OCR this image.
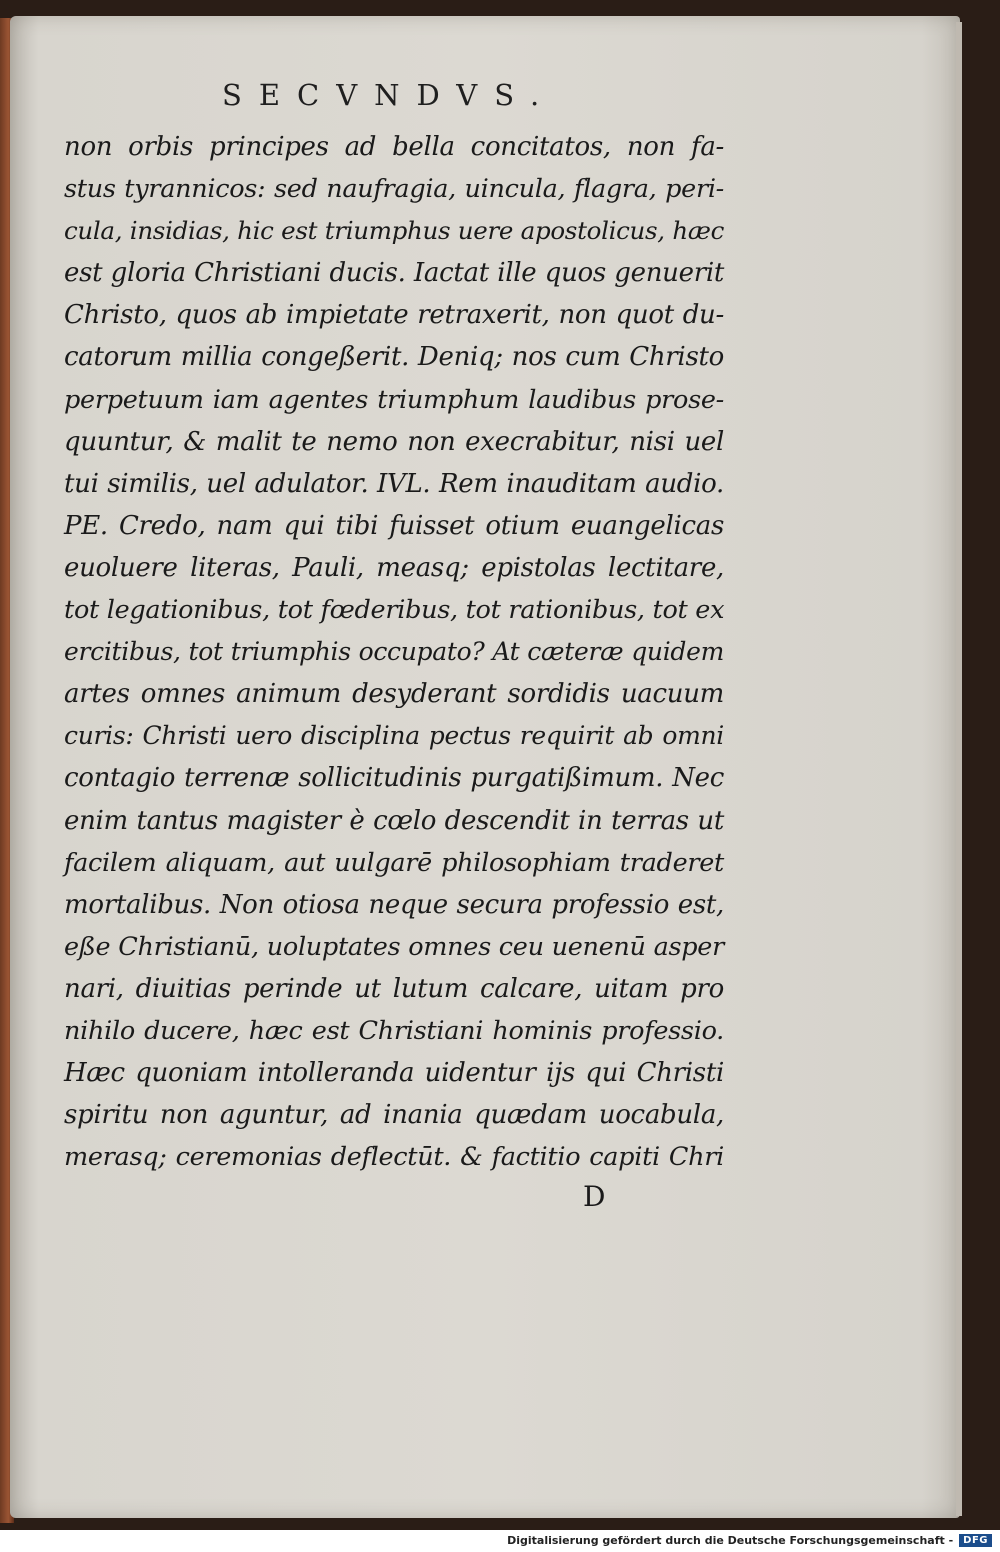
SECVNDVS.
non orbis principes ad bella concitatos, non fa-
stus tyrannicos: sed naufragia, uincula, flagra, peri-
cula, insidias, hic est triumphus uere apostolicus, hæc
est gloria Christiani ducis. Iactat ille quos genuerit
Christo, quos ab impietate retraxerit, non quot du-
catorum millia congeßerit. Deniq; nos cum Christo
perpetuum iam agentes triumphum laudibus prose-
quuntur, & malit te nemo non execrabitur, nisi uel
tui similis, uel adulator. IVL. Rem inauditam audio.
PE. Credo, nam qui tibi fuisset otium euangelicas
euoluere literas, Pauli, measq; epistolas lectitare,
tot legationibus, tot fœderibus, tot rationibus, tot ex
ercitibus, tot triumphis occupato? At cæteræ quidem
artes omnes animum desyderant sordidis uacuum
curis: Christi uero disciplina pectus requirit ab omni
contagio terrenæ sollicitudinis purgatißimum. Nec
enim tantus magister è cœlo descendit in terras ut
facilem aliquam, aut uulgarē philosophiam traderet
mortalibus. Non otiosa neque secura professio est,
eße Christianū, uoluptates omnes ceu uenenū asper
nari, diuitias perinde ut lutum calcare, uitam pro
nihilo ducere, hæc est Christiani hominis professio.
Hæc quoniam intolleranda uidentur ijs qui Christi
spiritu non aguntur, ad inania quædam uocabula,
merasq; ceremonias deflectūt. & factitio capiti Chri
D
Digitalisierung gefördert durch die Deutsche Forschungsgemeinschaft -	DFG
